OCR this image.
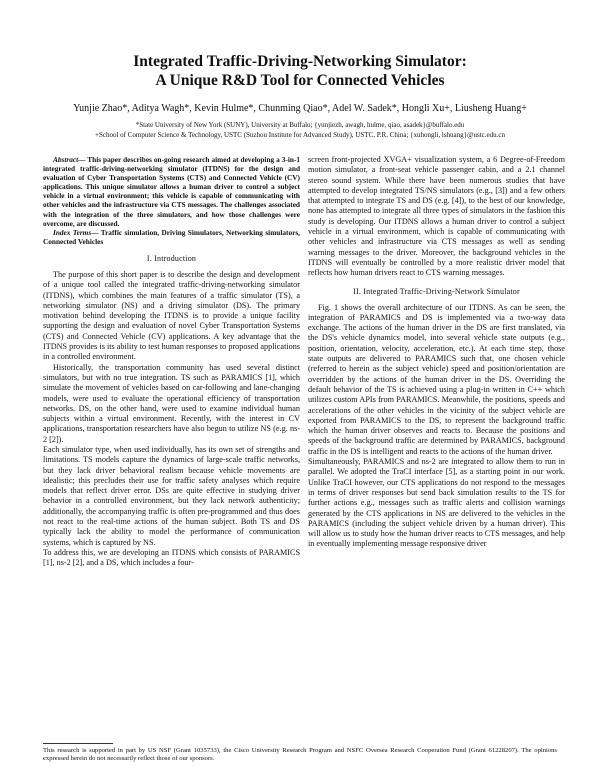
Integrated Traffic-Driving-Networking Simulator:
A Unique R&D Tool for Connected Vehicles
Yunjie Zhao*, Aditya Wagh*, Kevin Hulme*, Chunming Qiao*, Adel W. Sadek*, Hongli Xu+, Liusheng Huang+
*State University of New York (SUNY), University at Buffalo; {yunjiezh, awagh, hulme, qiao, asadek}@buffalo.edu
+School of Computer Science & Technology, USTC (Suzhou Institute for Advanced Study), USTC, P.R. China; {xuhongli, lshuang}@ustc.edu.cn

Abstract— This paper describes on-going research aimed at developing a 3-in-1 integrated traffic-driving-networking simulator (ITDNS) for the design and evaluation of Cyber Transportation Systems (CTS) and Connected Vehicle (CV) applications. This unique simulator allows a human driver to control a subject vehicle in a virtual environment; this vehicle is capable of communicating with other vehicles and the infrastructure via CTS messages. The challenges associated with the integration of the three simulators, and how those challenges were overcome, are discussed.

Index Terms— Traffic simulation, Driving Simulators, Networking simulators, Connected Vehicles

I. Introduction

The purpose of this short paper is to describe the design and development of a unique tool called the integrated traffic-driving-networking simulator (ITDNS), which combines the main features of a traffic simulator (TS), a networking simulator (NS) and a driving simulator (DS). The primary motivation behind developing the ITDNS is to provide a unique facility supporting the design and evaluation of novel Cyber Transportation Systems (CTS) and Connected Vehicle (CV) applications. A key advantage that the ITDNS provides is its ability to test human responses to proposed applications in a controlled environment.

Historically, the transportation community has used several distinct simulators, but with no true integration. TS such as PARAMICS [1], which simulate the movement of vehicles based on car-following and lane-changing models, were used to evaluate the operational efficiency of transportation networks. DS, on the other hand, were used to examine individual human subjects within a virtual environment. Recently, with the interest in CV applications, transportation researchers have also begun to utilize NS (e.g. ns-2 [2]).

Each simulator type, when used individually, has its own set of strengths and limitations. TS models capture the dynamics of large-scale traffic networks, but they lack driver behavioral realism because vehicle movements are idealistic; this precludes their use for traffic safety analyses which require models that reflect driver error. DSs are quite effective in studying driver behavior in a controlled environment, but they lack network authenticity; additionally, the accompanying traffic is often pre-programmed and thus does not react to the real-time actions of the human subject. Both TS and DS typically lack the ability to model the performance of communication systems, which is captured by NS.

To address this, we are developing an ITDNS which consists of PARAMICS [1], ns-2 [2], and a DS, which includes a four-

screen front-projected XVGA+ visualization system, a 6 Degree-of-Freedom motion simulator, a front-seat vehicle passenger cabin, and a 2.1 channel stereo sound system. While there have been numerous studies that have attempted to develop integrated TS/NS simulators (e.g., [3]) and a few others that attempted to integrate TS and DS (e.g. [4]), to the best of our knowledge, none has attempted to integrate all three types of simulators in the fashion this study is developing. Our ITDNS allows a human driver to control a subject vehicle in a virtual environment, which is capable of communicating with other vehicles and infrastructure via CTS messages as well as sending warning messages to the driver. Moreover, the background vehicles in the ITDNS will eventually be controlled by a more realistic driver model that reflects how human drivers react to CTS warning messages.

II. Integrated Traffic-Driving-Network Simulator

Fig. 1 shows the overall architecture of our ITDNS. As can be seen, the integration of PARAMICS and DS is implemented via a two-way data exchange. The actions of the human driver in the DS are first translated, via the DS's vehicle dynamics model, into several vehicle state outputs (e.g., position, orientation, velocity, acceleration, etc.). At each time step, those state outputs are delivered to PARAMICS such that, one chosen vehicle (referred to herein as the subject vehicle) speed and position/orientation are overridden by the actions of the human driver in the DS. Overriding the default behavior of the TS is achieved using a plug-in written in C++ which utilizes custom APIs from PARAMICS. Meanwhile, the positions, speeds and accelerations of the other vehicles in the vicinity of the subject vehicle are exported from PARAMICS to the DS, to represent the background traffic which the human driver observes and reacts to. Because the positions and speeds of the background traffic are determined by PARAMICS, background traffic in the DS is intelligent and reacts to the actions of the human driver.

Simultaneously, PARAMICS and ns-2 are integrated to allow them to run in parallel. We adopted the TraCI interface [5], as a starting point in our work. Unlike TraCI however, our CTS applications do not respond to the messages in terms of driver responses but send back simulation results to the TS for further actions e.g., messages such as traffic alerts and collision warnings generated by the CTS applications in NS are delivered to the vehicles in the PARAMICS (including the subject vehicle driven by a human driver). This will allow us to study how the human driver reacts to CTS messages, and help in eventually implementing message responsive driver

This research is supported in part by US NSF (Grant 1035733), the Cisco University Research Program and NSFC Oversea Research Cooperation Fund (Grant 61228207). The opinions expressed herein do not necessarily reflect those of our sponsors.
